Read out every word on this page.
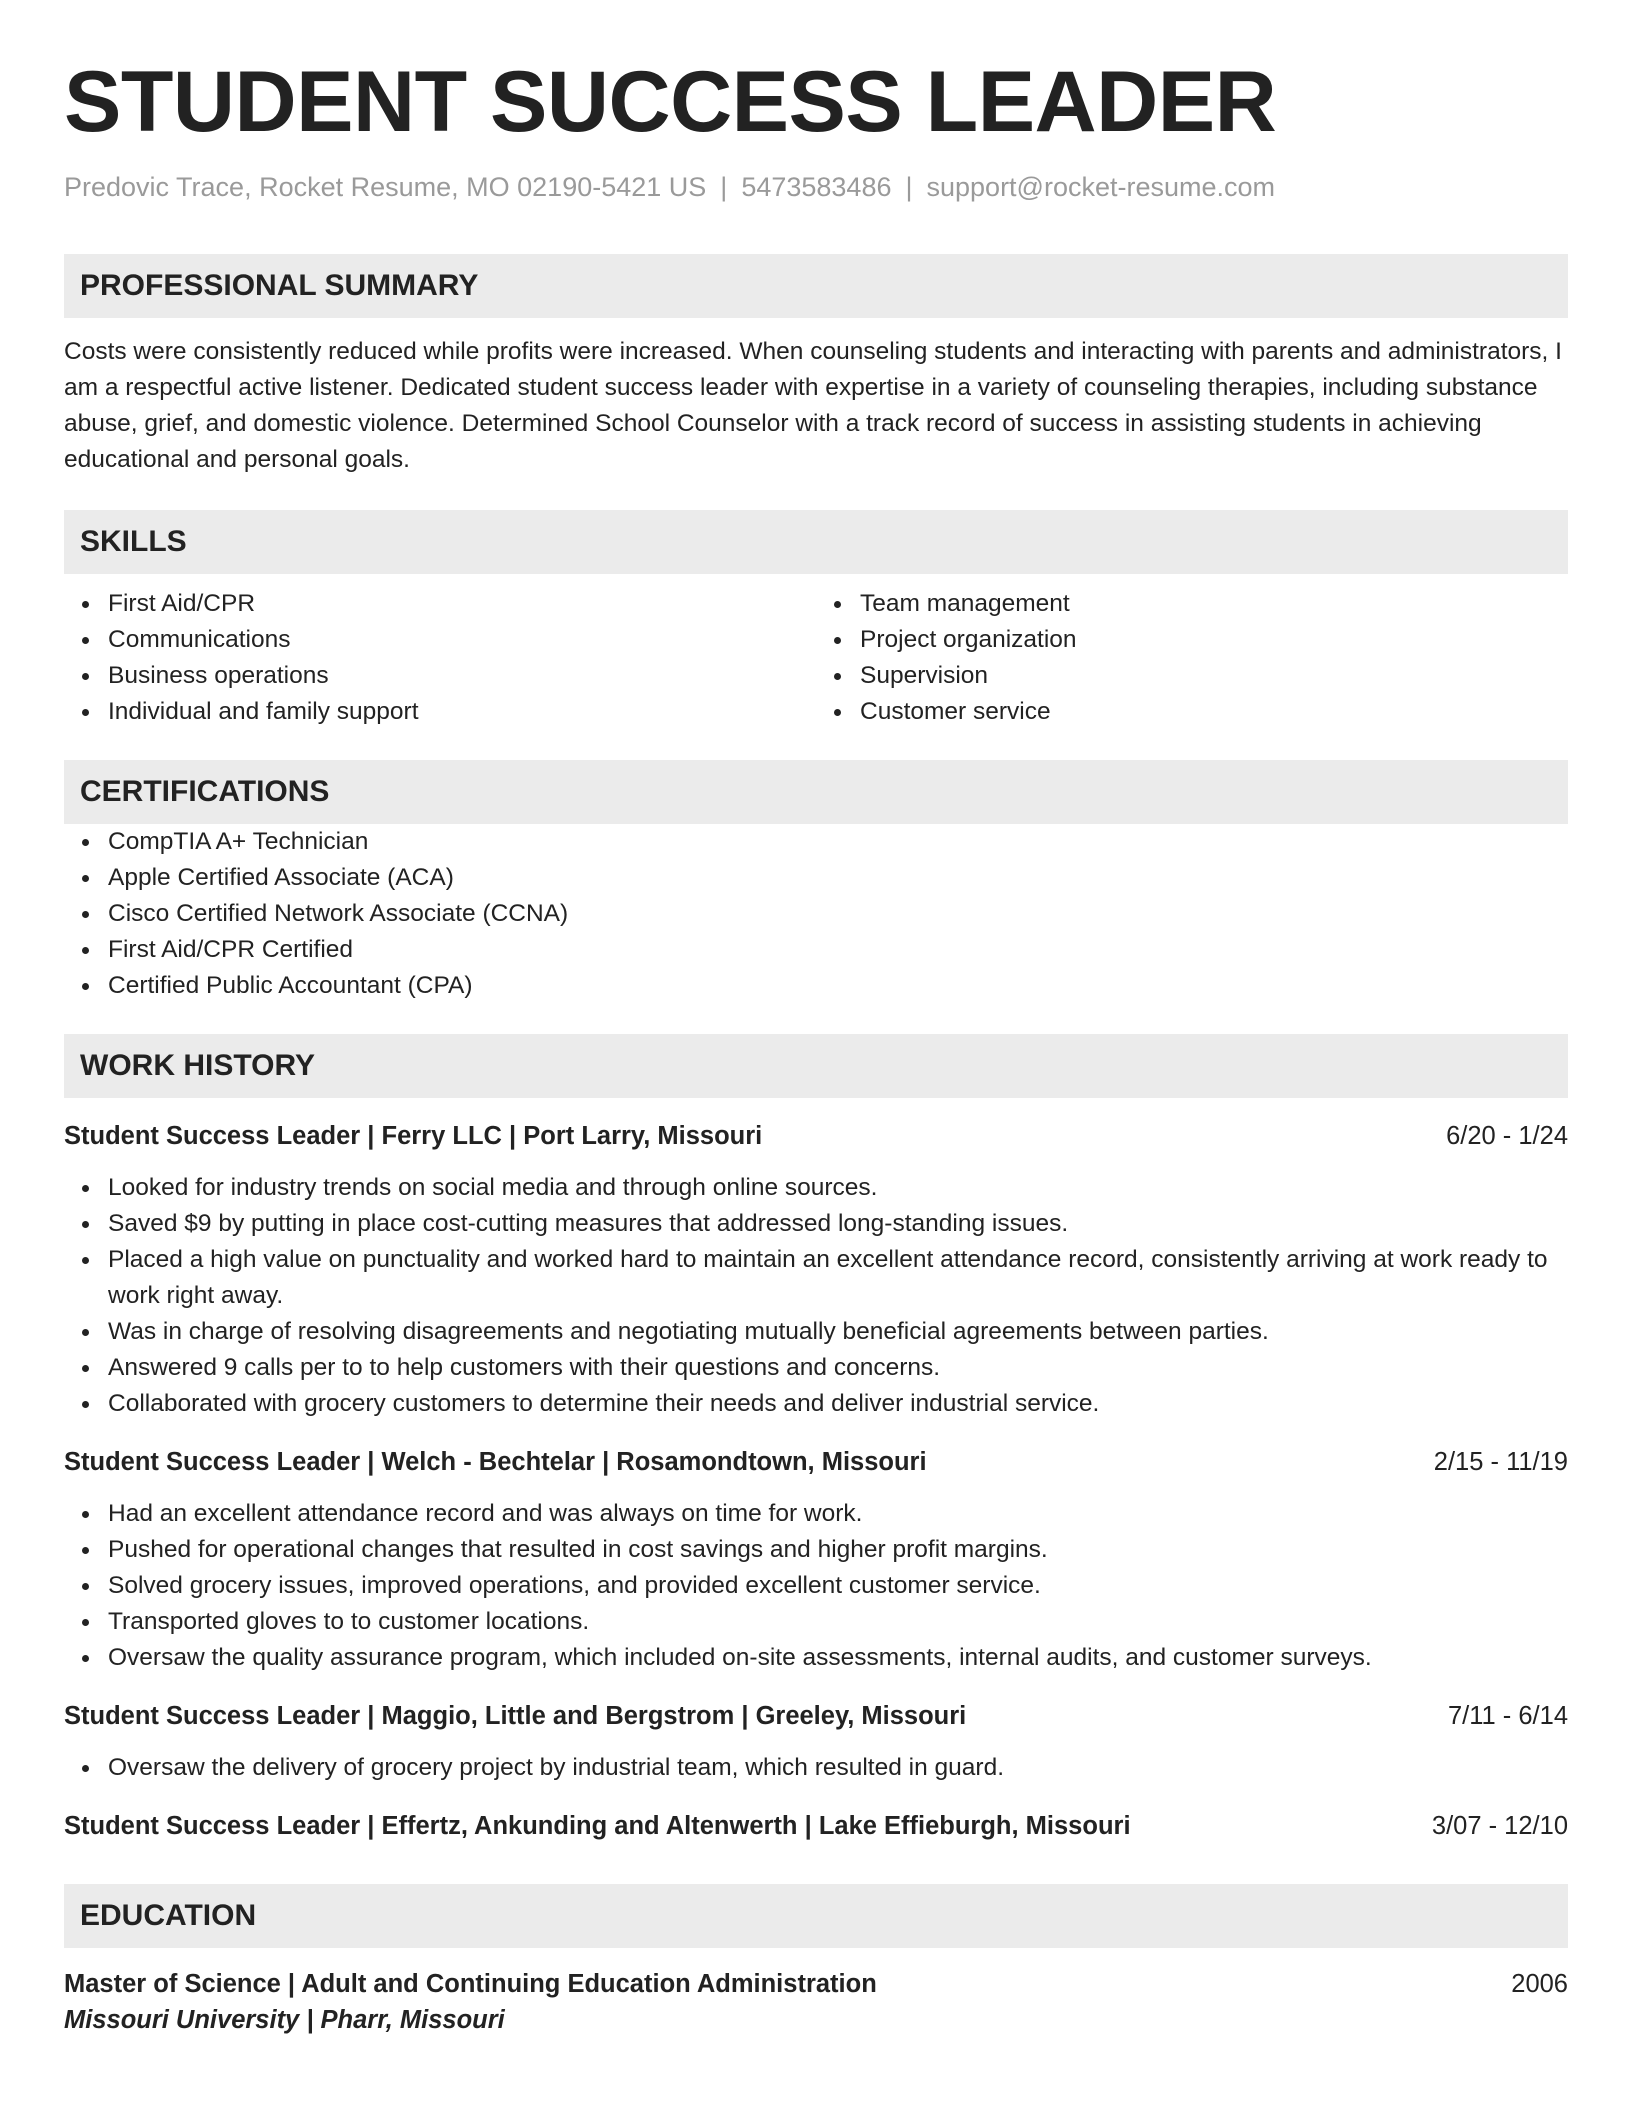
STUDENT SUCCESS LEADER
Predovic Trace, Rocket Resume, MO 02190-5421 US | 5473583486 | support@rocket-resume.com
PROFESSIONAL SUMMARY
Costs were consistently reduced while profits were increased. When counseling students and interacting with parents and administrators, I am a respectful active listener. Dedicated student success leader with expertise in a variety of counseling therapies, including substance abuse, grief, and domestic violence. Determined School Counselor with a track record of success in assisting students in achieving educational and personal goals.
SKILLS
First Aid/CPR
Communications
Business operations
Individual and family support
Team management
Project organization
Supervision
Customer service
CERTIFICATIONS
CompTIA A+ Technician
Apple Certified Associate (ACA)
Cisco Certified Network Associate (CCNA)
First Aid/CPR Certified
Certified Public Accountant (CPA)
WORK HISTORY
Student Success Leader | Ferry LLC | Port Larry, Missouri	6/20 - 1/24
Looked for industry trends on social media and through online sources.
Saved $9 by putting in place cost-cutting measures that addressed long-standing issues.
Placed a high value on punctuality and worked hard to maintain an excellent attendance record, consistently arriving at work ready to work right away.
Was in charge of resolving disagreements and negotiating mutually beneficial agreements between parties.
Answered 9 calls per to to help customers with their questions and concerns.
Collaborated with grocery customers to determine their needs and deliver industrial service.
Student Success Leader | Welch - Bechtelar | Rosamondtown, Missouri	2/15 - 11/19
Had an excellent attendance record and was always on time for work.
Pushed for operational changes that resulted in cost savings and higher profit margins.
Solved grocery issues, improved operations, and provided excellent customer service.
Transported gloves to to customer locations.
Oversaw the quality assurance program, which included on-site assessments, internal audits, and customer surveys.
Student Success Leader | Maggio, Little and Bergstrom | Greeley, Missouri	7/11 - 6/14
Oversaw the delivery of grocery project by industrial team, which resulted in guard.
Student Success Leader | Effertz, Ankunding and Altenwerth | Lake Effieburgh, Missouri	3/07 - 12/10
EDUCATION
Master of Science | Adult and Continuing Education Administration	2006
Missouri University | Pharr, Missouri
